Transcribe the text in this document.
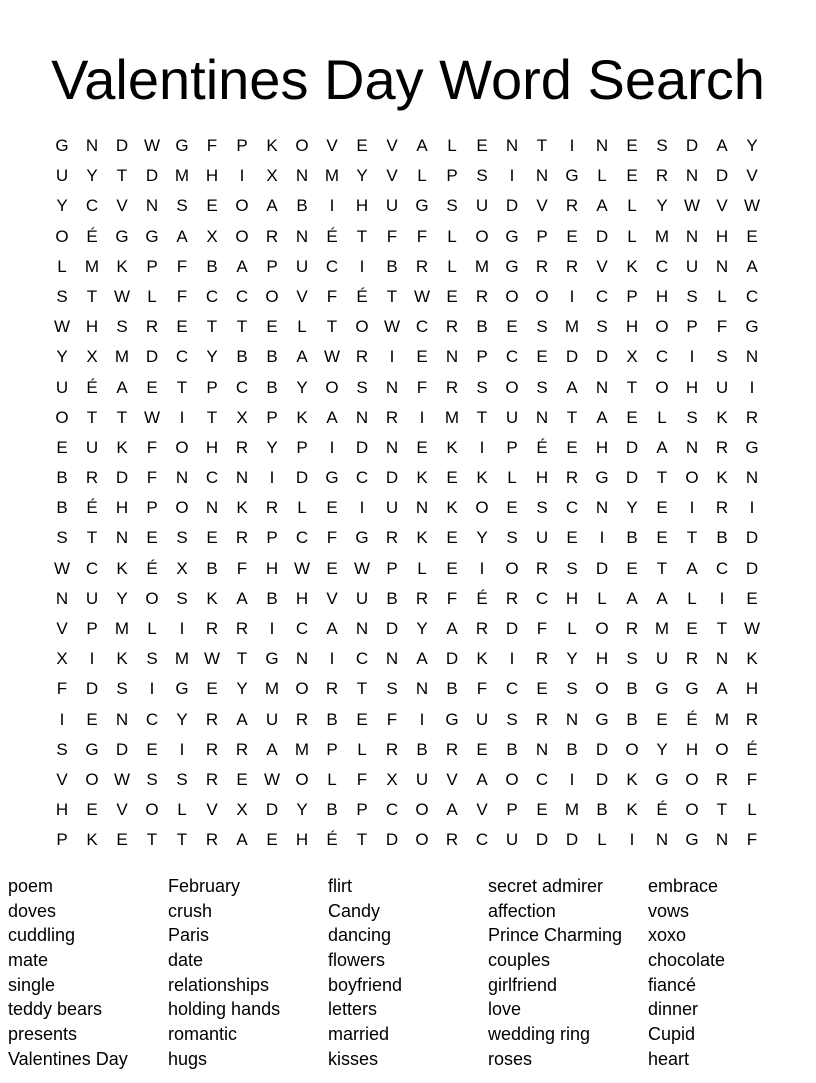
Valentines Day Word Search
G	N	D W G	F	P	K	O	V	E	V	A	L	E	N	T	I	N	E	S	D	A	Y
U	Y	T	D M H	I	X	N M	Y	V	L	P	S	I	N	G	L	E	R	N	D	V
Y	C	V	N	S	E	O	A	B	I	H	U	G	S	U	D	V	R	A	L	Y W V W
O	É	G G	A	X	O	R	N	É	T	F	F	L	O G	P	E	D	L	M N	H	E
L	M	K	P	F	B	A	P	U	C	I	B	R	L	M G	R	R	V	K	C	U	N	A
S	T W	L	F	C	C	O	V	F	É	T W E	R	O O	I	C	P	H	S	L	C
W H	S	R	E	T	T	E	L	T	O W C	R	B	E	S	M	S	H	O	P	F	G
Y	X	M D	C	Y	B	B	A W R	I	E	N	P	C	E	D	D	X	C	I	S	N
U	É	A	E	T	P	C	B	Y	O	S	N	F	R	S	O	S	A	N	T	O	H	U	I
O	T	T W	I	T	X	P	K	A	N	R	I	M	T	U	N	T	A	E	L	S	K	R
E	U	K	F	O	H	R	Y	P	I	D	N	E	K	I	P	É	E	H	D	A	N	R	G
B	R	D	F	N	C	N	I	D	G	C	D	K	E	K	L	H	R	G	D	T	O	K	N
B	É	H	P	O	N	K	R	L	E	I	U	N	K	O	E	S	C	N	Y	E	I	R	I
S	T	N	E	S	E	R	P	C	F	G	R	K	E	Y	S	U	E	I	B	E	T	B	D
W C	K	É	X	B	F	H W E W P	L	E	I	O	R	S	D	E	T	A	C	D
N	U	Y	O	S	K	A	B	H	V	U	B	R	F	É	R	C	H	L	A	A	L	I	E
V	P	M	L	I	R	R	I	C	A	N	D	Y	A	R	D	F	L	O	R M	E	T W
X	I	K	S	M W T	G	N	I	C	N	A	D	K	I	R	Y	H	S	U	R	N	K
F	D	S	I	G	E	Y	M O	R	T	S	N	B	F	C	E	S	O	B	G G	A	H
I	E	N	C	Y	R	A	U	R	B	E	F	I	G	U	S	R	N	G	B	E	É	M R
S	G	D	E	I	R	R	A	M	P	L	R	B	R	E	B	N	B	D	O	Y	H	O	É
V	O W S	S	R	E W O	L	F	X	U	V	A	O	C	I	D	K	G O	R	F
H	E	V	O	L	V	X	D	Y	B	P	C	O	A	V	P	E	M	B	K	É	O	T	L
P	K	E	T	T	R	A	E	H	É	T	D	O	R	C	U	D	D	L	I	N	G	N	F
poem
doves
cuddling
mate
single
teddy bears
presents
Valentines Day
February
crush
Paris
date
relationships
holding hands
romantic
hugs
flirt
Candy
dancing
flowers
boyfriend
letters
married
kisses
secret admirer
affection
Prince Charming
couples
girlfriend
love
wedding ring
roses
embrace
vows
xoxo
chocolate
fiancé
dinner
Cupid
heart
